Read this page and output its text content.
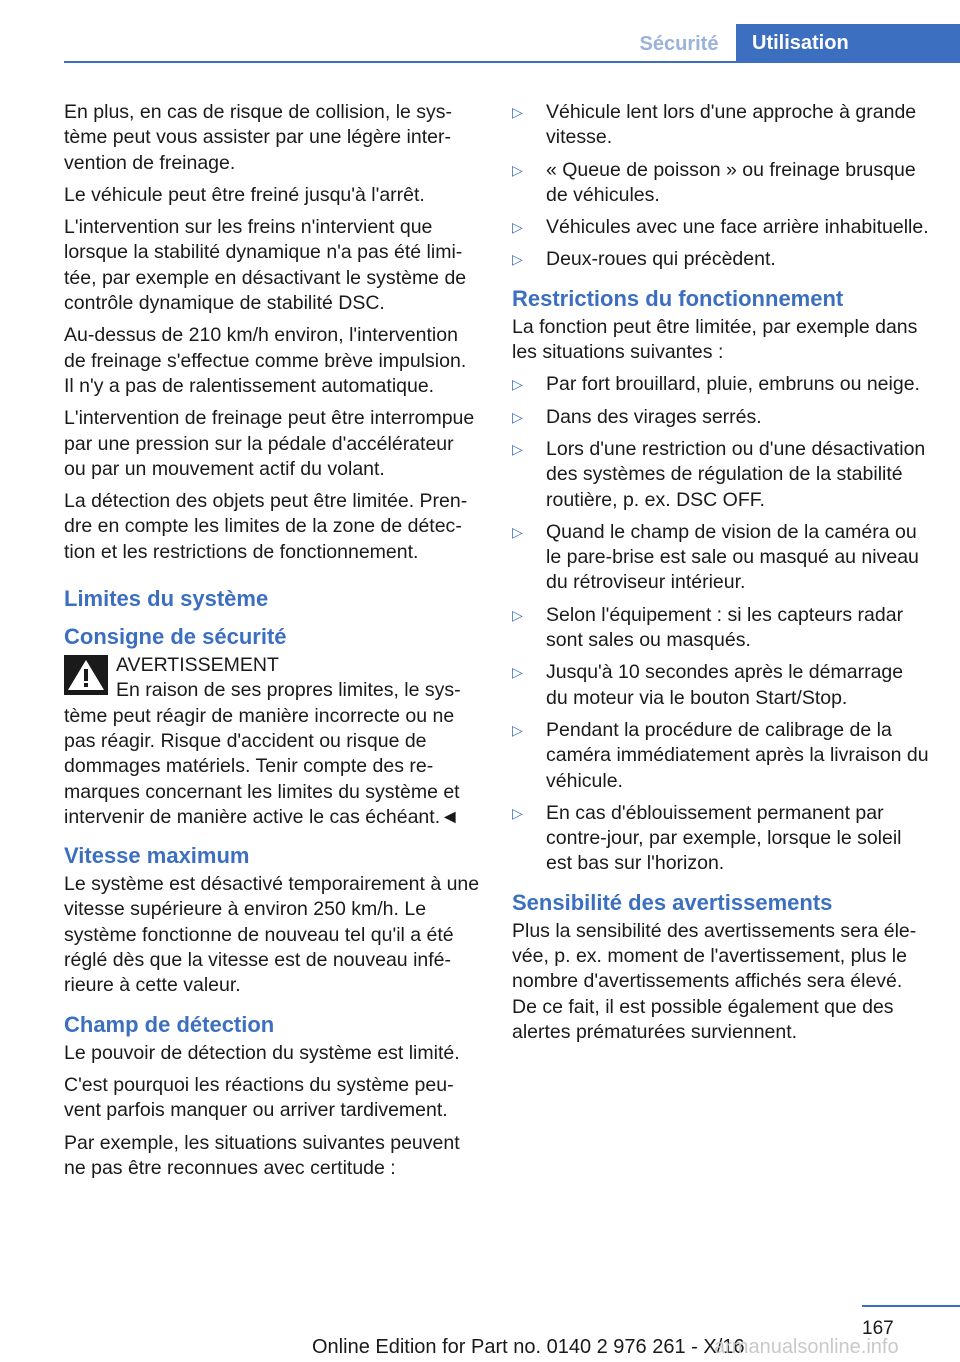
Sécurité	Utilisation

En plus, en cas de risque de collision, le système peut vous assister par une légère intervention de freinage.

Le véhicule peut être freiné jusqu'à l'arrêt.

L'intervention sur les freins n'intervient que lorsque la stabilité dynamique n'a pas été limitée, par exemple en désactivant le système de contrôle dynamique de stabilité DSC.

Au-dessus de 210 km/h environ, l'intervention de freinage s'effectue comme brève impulsion. Il n'y a pas de ralentissement automatique.

L'intervention de freinage peut être interrompue par une pression sur la pédale d'accélérateur ou par un mouvement actif du volant.

La détection des objets peut être limitée. Prendre en compte les limites de la zone de détection et les restrictions de fonctionnement.

Limites du système
Consigne de sécurité
AVERTISSEMENT
En raison de ses propres limites, le système peut réagir de manière incorrecte ou ne pas réagir. Risque d'accident ou risque de dommages matériels. Tenir compte des remarques concernant les limites du système et intervenir de manière active le cas échéant.◄
Vitesse maximum

Le système est désactivé temporairement à une vitesse supérieure à environ 250 km/h. Le système fonctionne de nouveau tel qu'il a été réglé dès que la vitesse est de nouveau inférieure à cette valeur.

Champ de détection

Le pouvoir de détection du système est limité.

C'est pourquoi les réactions du système peuvent parfois manquer ou arriver tardivement.

Par exemple, les situations suivantes peuvent ne pas être reconnues avec certitude :

▷ Véhicule lent lors d'une approche à grande vitesse.
▷ « Queue de poisson » ou freinage brusque de véhicules.
▷ Véhicules avec une face arrière inhabituelle.
▷ Deux-roues qui précèdent.
Restrictions du fonctionnement

La fonction peut être limitée, par exemple dans les situations suivantes :

▷ Par fort brouillard, pluie, embruns ou neige.
▷ Dans des virages serrés.
▷ Lors d'une restriction ou d'une désactivation des systèmes de régulation de la stabilité routière, p. ex. DSC OFF.
▷ Quand le champ de vision de la caméra ou le pare-brise est sale ou masqué au niveau du rétroviseur intérieur.
▷ Selon l'équipement : si les capteurs radar sont sales ou masqués.
▷ Jusqu'à 10 secondes après le démarrage du moteur via le bouton Start/Stop.
▷ Pendant la procédure de calibrage de la caméra immédiatement après la livraison du véhicule.
▷ En cas d'éblouissement permanent par contre-jour, par exemple, lorsque le soleil est bas sur l'horizon.
Sensibilité des avertissements

Plus la sensibilité des avertissements sera élevée, p. ex. moment de l'avertissement, plus le nombre d'avertissements affichés sera élevé. De ce fait, il est possible également que des alertes prématurées surviennent.

167
Online Edition for Part no. 0140 2 976 261 - X/16
armanualsonline.info
